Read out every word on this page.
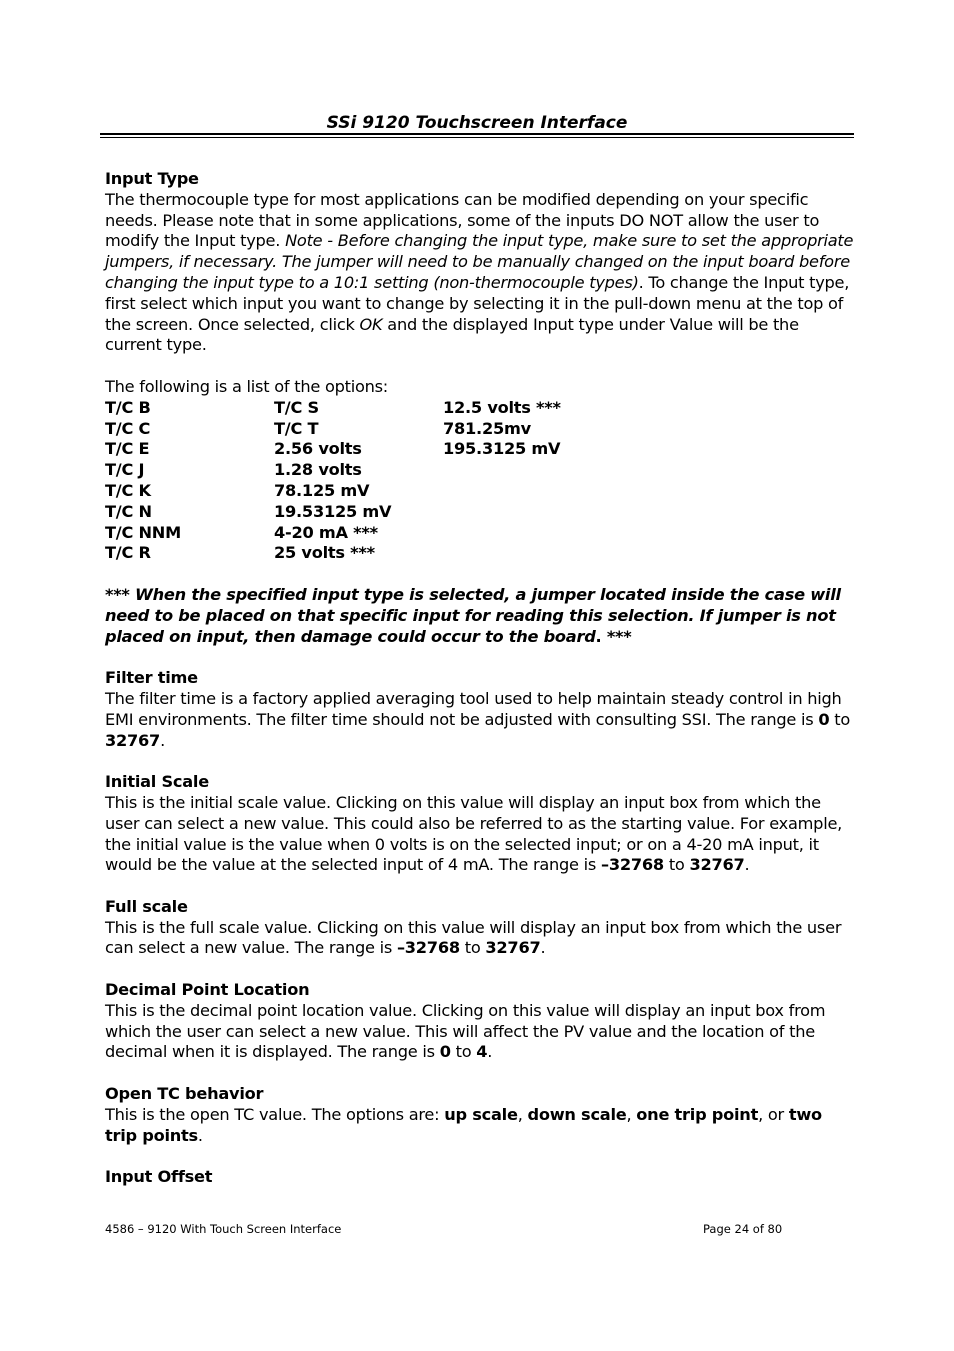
SSi 9120 Touchscreen Interface

Input Type

The thermocouple type for most applications can be modified depending on your specific needs. Please note that in some applications, some of the inputs DO NOT allow the user to modify the Input type. Note - Before changing the input type, make sure to set the appropriate jumpers, if necessary. The jumper will need to be manually changed on the input board before changing the input type to a 10:1 setting (non-thermocouple types). To change the Input type, first select which input you want to change by selecting it in the pull-down menu at the top of the screen. Once selected, click OK and the displayed Input type under Value will be the current type.

The following is a list of the options:

T/C B	T/C S	12.5 volts ***
T/C C	T/C T	781.25mv
T/C E	2.56 volts	195.3125 mV
T/C J	1.28 volts
T/C K	78.125 mV
T/C N	19.53125 mV
T/C NNM	4-20 mA ***
T/C R	25 volts ***

*** When the specified input type is selected, a jumper located inside the case will need to be placed on that specific input for reading this selection. If jumper is not placed on input, then damage could occur to the board. ***

Filter time

The filter time is a factory applied averaging tool used to help maintain steady control in high EMI environments. The filter time should not be adjusted with consulting SSI. The range is 0 to 32767.

Initial Scale

This is the initial scale value. Clicking on this value will display an input box from which the user can select a new value. This could also be referred to as the starting value. For example, the initial value is the value when 0 volts is on the selected input; or on a 4-20 mA input, it would be the value at the selected input of 4 mA. The range is –32768 to 32767.

Full scale

This is the full scale value. Clicking on this value will display an input box from which the user can select a new value. The range is –32768 to 32767.

Decimal Point Location

This is the decimal point location value. Clicking on this value will display an input box from which the user can select a new value. This will affect the PV value and the location of the decimal when it is displayed. The range is 0 to 4.

Open TC behavior

This is the open TC value. The options are: up scale, down scale, one trip point, or two trip points.

Input Offset

4586 – 9120 With Touch Screen Interface	Page 24 of 80
